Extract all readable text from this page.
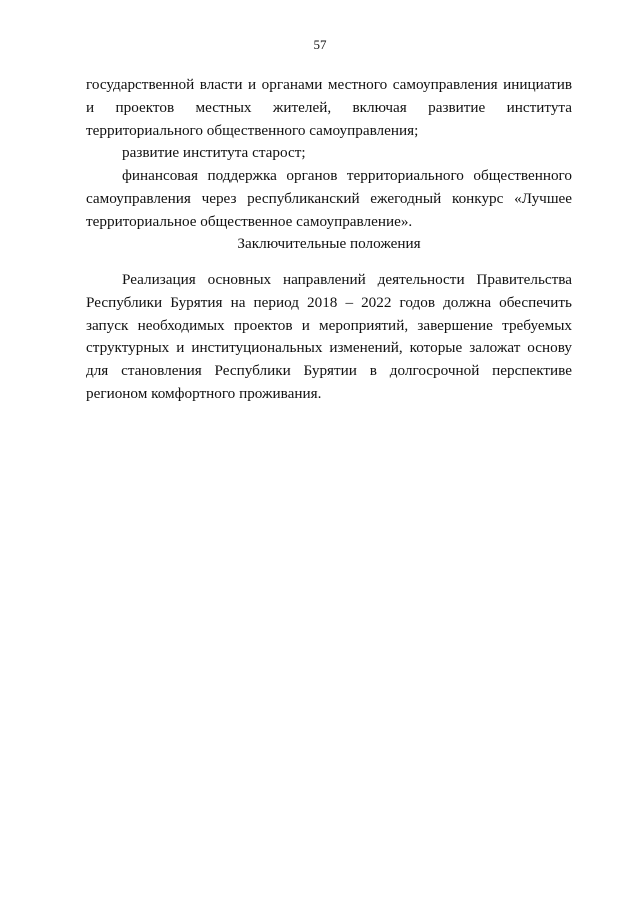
57

государственной власти и органами местного самоуправления инициатив и проектов местных жителей, включая развитие института территориального общественного самоуправления;

развитие института старост;

финансовая поддержка органов территориального общественного самоуправления через республиканский ежегодный конкурс «Лучшее территориальное общественное самоуправление».

Заключительные положения

Реализация основных направлений деятельности Правительства Республики Бурятия на период 2018 – 2022 годов должна обеспечить запуск необходимых проектов и мероприятий, завершение требуемых структурных и институциональных изменений, которые заложат основу для становления Республики Бурятии в долгосрочной перспективе регионом комфортного проживания.
